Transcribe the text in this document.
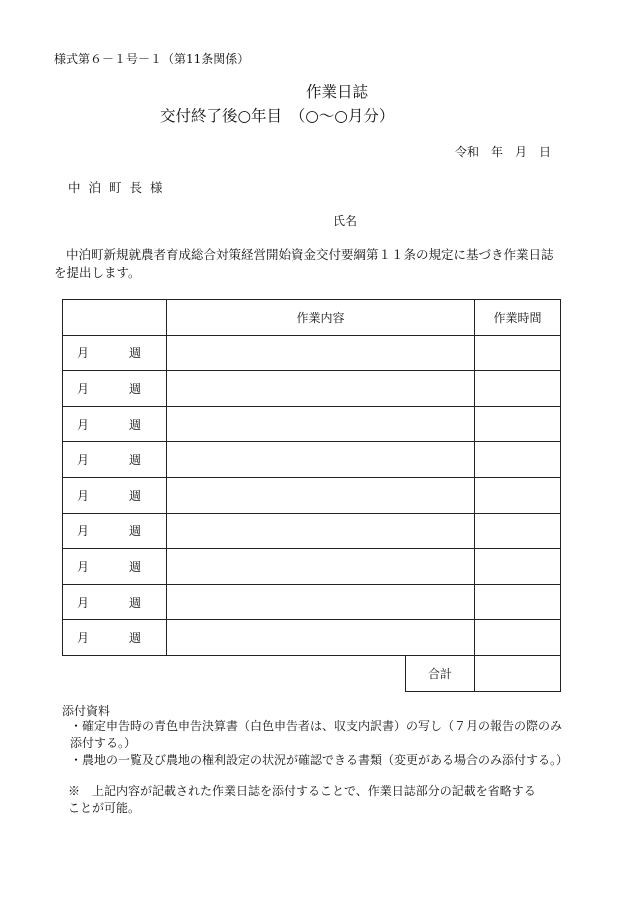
様式第６－１号－１（第11条関係）
作業日誌
交付終了後○年目　（○～○月分）
令和　年　月　日
中泊町長様
氏名
中泊町新規就農者育成総合対策経営開始資金交付要綱第１１条の規定に基づき作業日誌を提出します。
	作業内容	作業時間
月 週		
月 週		
月 週		
月 週		
月 週		
月 週		
月 週		
月 週		
月 週		

合計	

添付資料
・確定申告時の青色申告決算書（白色申告者は、収支内訳書）の写し（７月の報告の際のみ添付する。）
・農地の一覧及び農地の権利設定の状況が確認できる書類（変更がある場合のみ添付する。）
※　上記内容が記載された作業日誌を添付することで、作業日誌部分の記載を省略することが可能。
